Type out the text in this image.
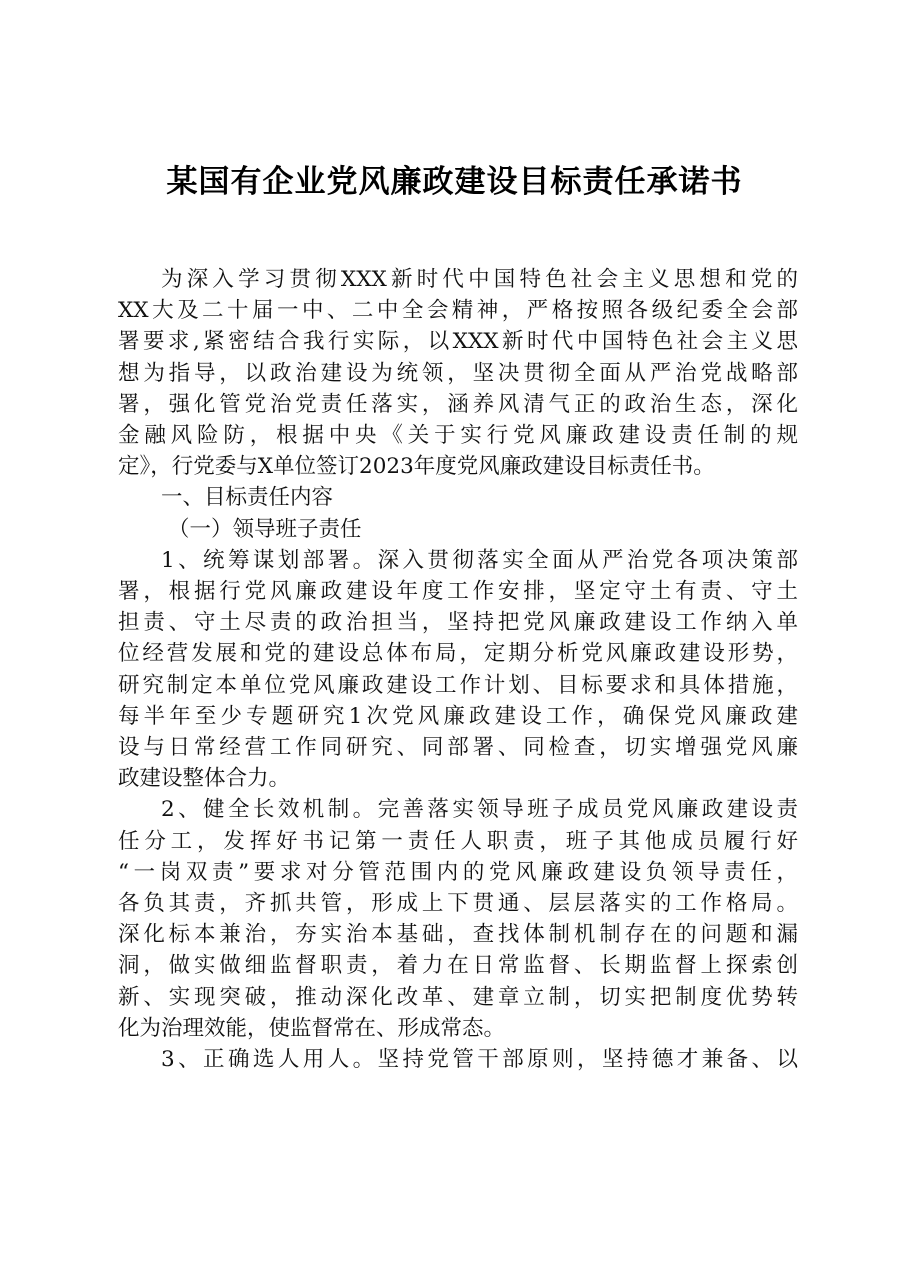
某国有企业党风廉政建设目标责任承诺书
为深入学习贯彻XXX新时代中国特色社会主义思想和党的
XX大及二十届一中、二中全会精神，严格按照各级纪委全会部
署要求,紧密结合我行实际，以XXX新时代中国特色社会主义思
想为指导，以政治建设为统领，坚决贯彻全面从严治党战略部
署，强化管党治党责任落实，涵养风清气正的政治生态，深化
金融风险防，根据中央《关于实行党风廉政建设责任制的规
定》，行党委与X单位签订2023年度党风廉政建设目标责任书。
一、目标责任内容
（一）领导班子责任
1、统筹谋划部署。深入贯彻落实全面从严治党各项决策部
署，根据行党风廉政建设年度工作安排，坚定守土有责、守土
担责、守土尽责的政治担当，坚持把党风廉政建设工作纳入单
位经营发展和党的建设总体布局，定期分析党风廉政建设形势，
研究制定本单位党风廉政建设工作计划、目标要求和具体措施，
每半年至少专题研究1次党风廉政建设工作，确保党风廉政建
设与日常经营工作同研究、同部署、同检查，切实增强党风廉
政建设整体合力。
2、健全长效机制。完善落实领导班子成员党风廉政建设责
任分工，发挥好书记第一责任人职责，班子其他成员履行好
“一岗双责”要求对分管范围内的党风廉政建设负领导责任，
各负其责，齐抓共管，形成上下贯通、层层落实的工作格局。
深化标本兼治，夯实治本基础，查找体制机制存在的问题和漏
洞，做实做细监督职责，着力在日常监督、长期监督上探索创
新、实现突破，推动深化改革、建章立制，切实把制度优势转
化为治理效能，使监督常在、形成常态。
3、正确选人用人。坚持党管干部原则，坚持德才兼备、以
